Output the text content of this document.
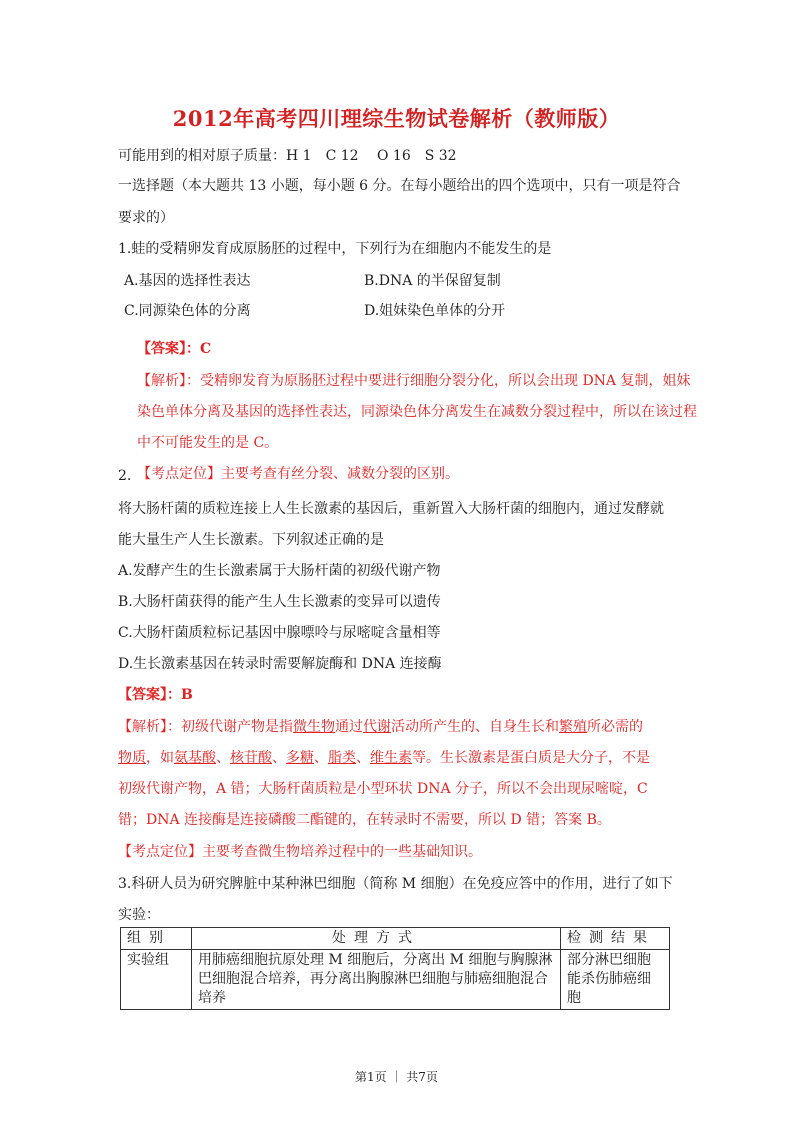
2012年高考四川理综生物试卷解析（教师版）
可能用到的相对原子质量：H 1　C 12　 O 16　S 32
一选择题（本大题共 13 小题，每小题 6 分。在每小题给出的四个选项中，只有一项是符合
要求的）
1.蛙的受精卵发育成原肠胚的过程中，下列行为在细胞内不能发生的是
A.基因的选择性表达	B.DNA 的半保留复制
C.同源染色体的分离	D.姐妹染色单体的分开
【答案】：C
【解析】：受精卵发育为原肠胚过程中要进行细胞分裂分化，所以会出现 DNA 复制，姐妹
染色单体分离及基因的选择性表达，同源染色体分离发生在减数分裂过程中，所以在该过程
中不可能发生的是 C。
2. 【考点定位】主要考查有丝分裂、减数分裂的区别。
将大肠杆菌的质粒连接上人生长激素的基因后，重新置入大肠杆菌的细胞内，通过发酵就
能大量生产人生长激素。下列叙述正确的是
A.发酵产生的生长激素属于大肠杆菌的初级代谢产物
B.大肠杆菌获得的能产生人生长激素的变异可以遗传
C.大肠杆菌质粒标记基因中腺嘌呤与尿嘧啶含量相等
D.生长激素基因在转录时需要解旋酶和 DNA 连接酶
【答案】：B
【解析】：初级代谢产物是指微生物通过代谢活动所产生的、自身生长和繁殖所必需的
物质，如氨基酸、核苷酸、多糖、脂类、维生素等。生长激素是蛋白质是大分子，不是
初级代谢产物，A 错；大肠杆菌质粒是小型环状 DNA 分子，所以不会出现尿嘧啶，C
错；DNA 连接酶是连接磷酸二酯键的，在转录时不需要，所以 D 错；答案 B。
【考点定位】主要考查微生物培养过程中的一些基础知识。
3.科研人员为研究脾脏中某种淋巴细胞（简称 M 细胞）在免疫应答中的作用，进行了如下
实验：
组别	处理方式	检测结果
实验组	用肺癌细胞抗原处理 M 细胞后，分离出 M 细胞与胸腺淋巴细胞混合培养，再分离出胸腺淋巴细胞与肺癌细胞混合培养	部分淋巴细胞能杀伤肺癌细胞
第1页 ｜ 共7页
